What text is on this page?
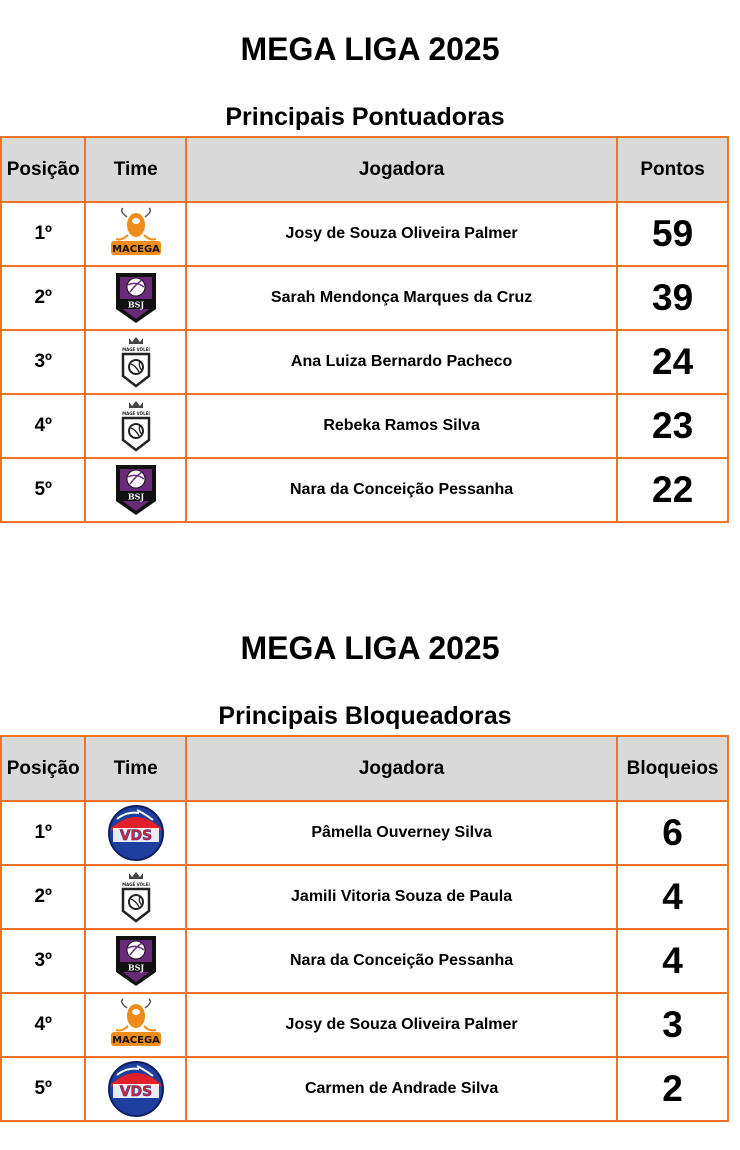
MEGA LIGA 2025
Principais Pontuadoras
Posição	Time	Jogadora	Pontos
1º	MACEGA	Josy de Souza Oliveira Palmer	59
2º	BSJ	Sarah Mendonça Marques da Cruz	39
3º	MAGÉ VÔLEI	Ana Luiza Bernardo Pacheco	24
4º	MAGÉ VÔLEI	Rebeka Ramos Silva	23
5º	BSJ	Nara da Conceição Pessanha	22
MEGA LIGA 2025
Principais Bloqueadoras
Posição	Time	Jogadora	Bloqueios
1º	VDS	Pâmella Ouverney Silva	6
2º	MAGÉ VÔLEI	Jamili Vitoria Souza de Paula	4
3º	BSJ	Nara da Conceição Pessanha	4
4º	MACEGA	Josy de Souza Oliveira Palmer	3
5º	VDS	Carmen de Andrade Silva	2
